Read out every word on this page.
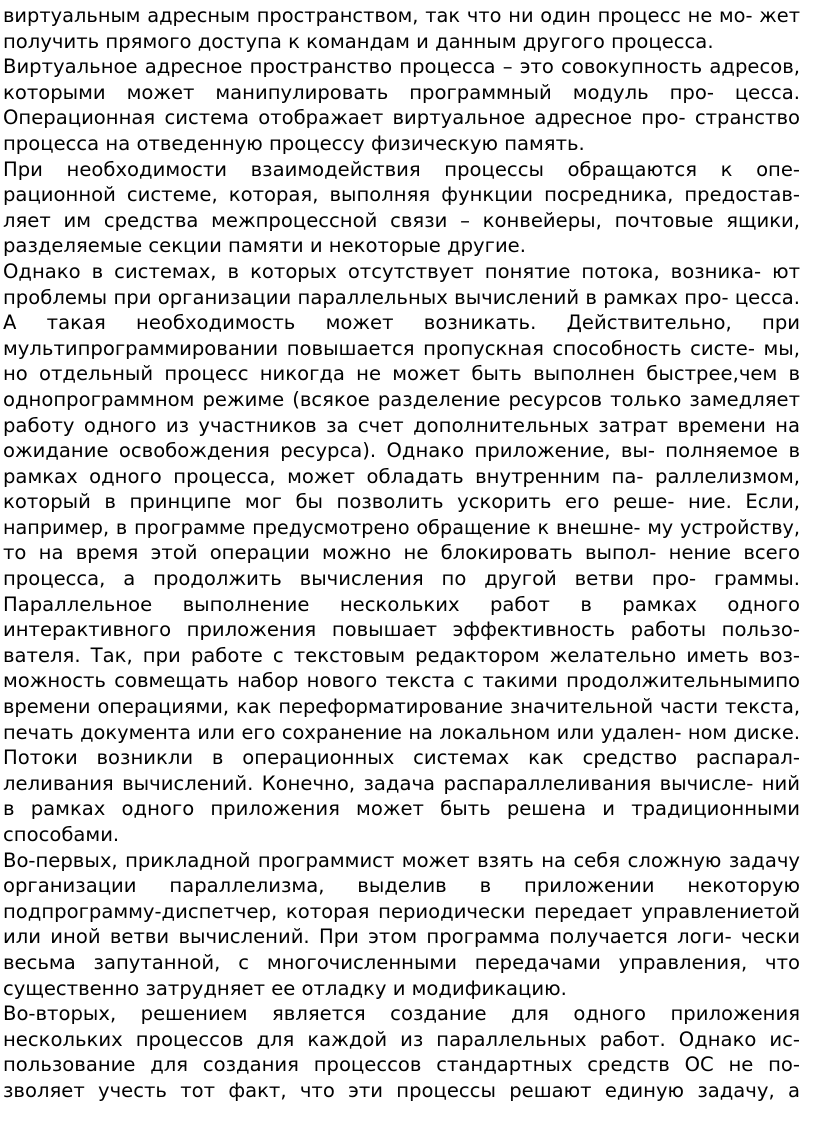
виртуальным адресным пространством, так что ни один процесс не мо- жет
получить прямого доступа к командам и данным другого процесса.
Виртуальное адресное пространство процесса – это совокупность адресов,
которыми может манипулировать программный модуль про- цесса.
Операционная система отображает виртуальное адресное про- странство
процесса на отведенную процессу физическую память.
При необходимости взаимодействия процессы обращаются к опе-
рационной системе, которая, выполняя функции посредника, предостав-
ляет им средства межпроцессной связи – конвейеры, почтовые ящики,
разделяемые секции памяти и некоторые другие.
Однако в системах, в которых отсутствует понятие потока, возника- ют
проблемы при организации параллельных вычислений в рамках про- цесса.
А такая необходимость может возникать. Действительно, при
мультипрограммировании повышается пропускная способность систе- мы,
но отдельный процесс никогда не может быть выполнен быстрее,чем в
однопрограммном режиме (всякое разделение ресурсов только замедляет
работу одного из участников за счет дополнительных затрат времени на
ожидание освобождения ресурса). Однако приложение, вы- полняемое в
рамках одного процесса, может обладать внутренним па- раллелизмом,
который в принципе мог бы позволить ускорить его реше- ние. Если,
например, в программе предусмотрено обращение к внешне- му устройству,
то на время этой операции можно не блокировать выпол- нение всего
процесса, а продолжить вычисления по другой ветви про- граммы.
Параллельное выполнение нескольких работ в рамках одного
интерактивного приложения повышает эффективность работы пользо-
вателя. Так, при работе с текстовым редактором желательно иметь воз-
можность совмещать набор нового текста с такими продолжительнымипо
времени операциями, как переформатирование значительной части текста,
печать документа или его сохранение на локальном или удален- ном диске.
Потоки возникли в операционных системах как средство распарал-
леливания вычислений. Конечно, задача распараллеливания вычисле- ний
в рамках одного приложения может быть решена и традиционными
способами.
Во-первых, прикладной программист может взять на себя сложную задачу
организации параллелизма, выделив в приложении некоторую
подпрограмму-диспетчер, которая периодически передает управлениетой
или иной ветви вычислений. При этом программа получается логи- чески
весьма запутанной, с многочисленными передачами управления, что
существенно затрудняет ее отладку и модификацию.
Во-вторых, решением является создание для одного приложения
нескольких процессов для каждой из параллельных работ. Однако ис-
пользование для создания процессов стандартных средств ОС не по-
зволяет учесть тот факт, что эти процессы решают единую задачу, а
